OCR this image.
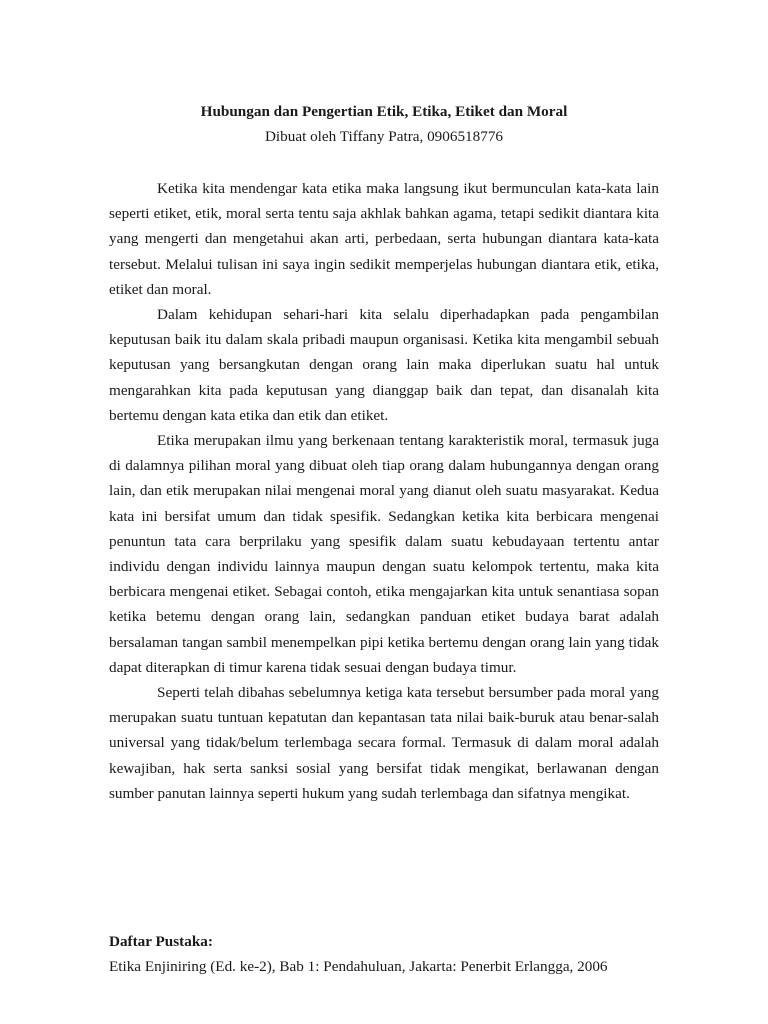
Hubungan dan Pengertian Etik, Etika, Etiket dan Moral
Dibuat oleh Tiffany Patra, 0906518776

Ketika kita mendengar kata etika maka langsung ikut bermunculan kata-kata lain seperti etiket, etik, moral serta tentu saja akhlak bahkan agama, tetapi sedikit diantara kita yang mengerti dan mengetahui akan arti, perbedaan, serta hubungan diantara kata-kata tersebut. Melalui tulisan ini saya ingin sedikit memperjelas hubungan diantara etik, etika, etiket dan moral.

Dalam kehidupan sehari-hari kita selalu diperhadapkan pada pengambilan keputusan baik itu dalam skala pribadi maupun organisasi. Ketika kita mengambil sebuah keputusan yang bersangkutan dengan orang lain maka diperlukan suatu hal untuk mengarahkan kita pada keputusan yang dianggap baik dan tepat, dan disanalah kita bertemu dengan kata etika dan etik dan etiket.

Etika merupakan ilmu yang berkenaan tentang karakteristik moral, termasuk juga di dalamnya pilihan moral yang dibuat oleh tiap orang dalam hubungannya dengan orang lain, dan etik merupakan nilai mengenai moral yang dianut oleh suatu masyarakat. Kedua kata ini bersifat umum dan tidak spesifik. Sedangkan ketika kita berbicara mengenai penuntun tata cara berprilaku yang spesifik dalam suatu kebudayaan tertentu antar individu dengan individu lainnya maupun dengan suatu kelompok tertentu, maka kita berbicara mengenai etiket. Sebagai contoh, etika mengajarkan kita untuk senantiasa sopan ketika betemu dengan orang lain, sedangkan panduan etiket budaya barat adalah bersalaman tangan sambil menempelkan pipi ketika bertemu dengan orang lain yang tidak dapat diterapkan di timur karena tidak sesuai dengan budaya timur.

Seperti telah dibahas sebelumnya ketiga kata tersebut bersumber pada moral yang merupakan suatu tuntuan kepatutan dan kepantasan tata nilai baik-buruk atau benar-salah universal yang tidak/belum terlembaga secara formal. Termasuk di dalam moral adalah kewajiban, hak serta sanksi sosial yang bersifat tidak mengikat, berlawanan dengan sumber panutan lainnya seperti hukum yang sudah terlembaga dan sifatnya mengikat.

Daftar Pustaka:

Etika Enjiniring (Ed. ke-2), Bab 1: Pendahuluan, Jakarta: Penerbit Erlangga, 2006
